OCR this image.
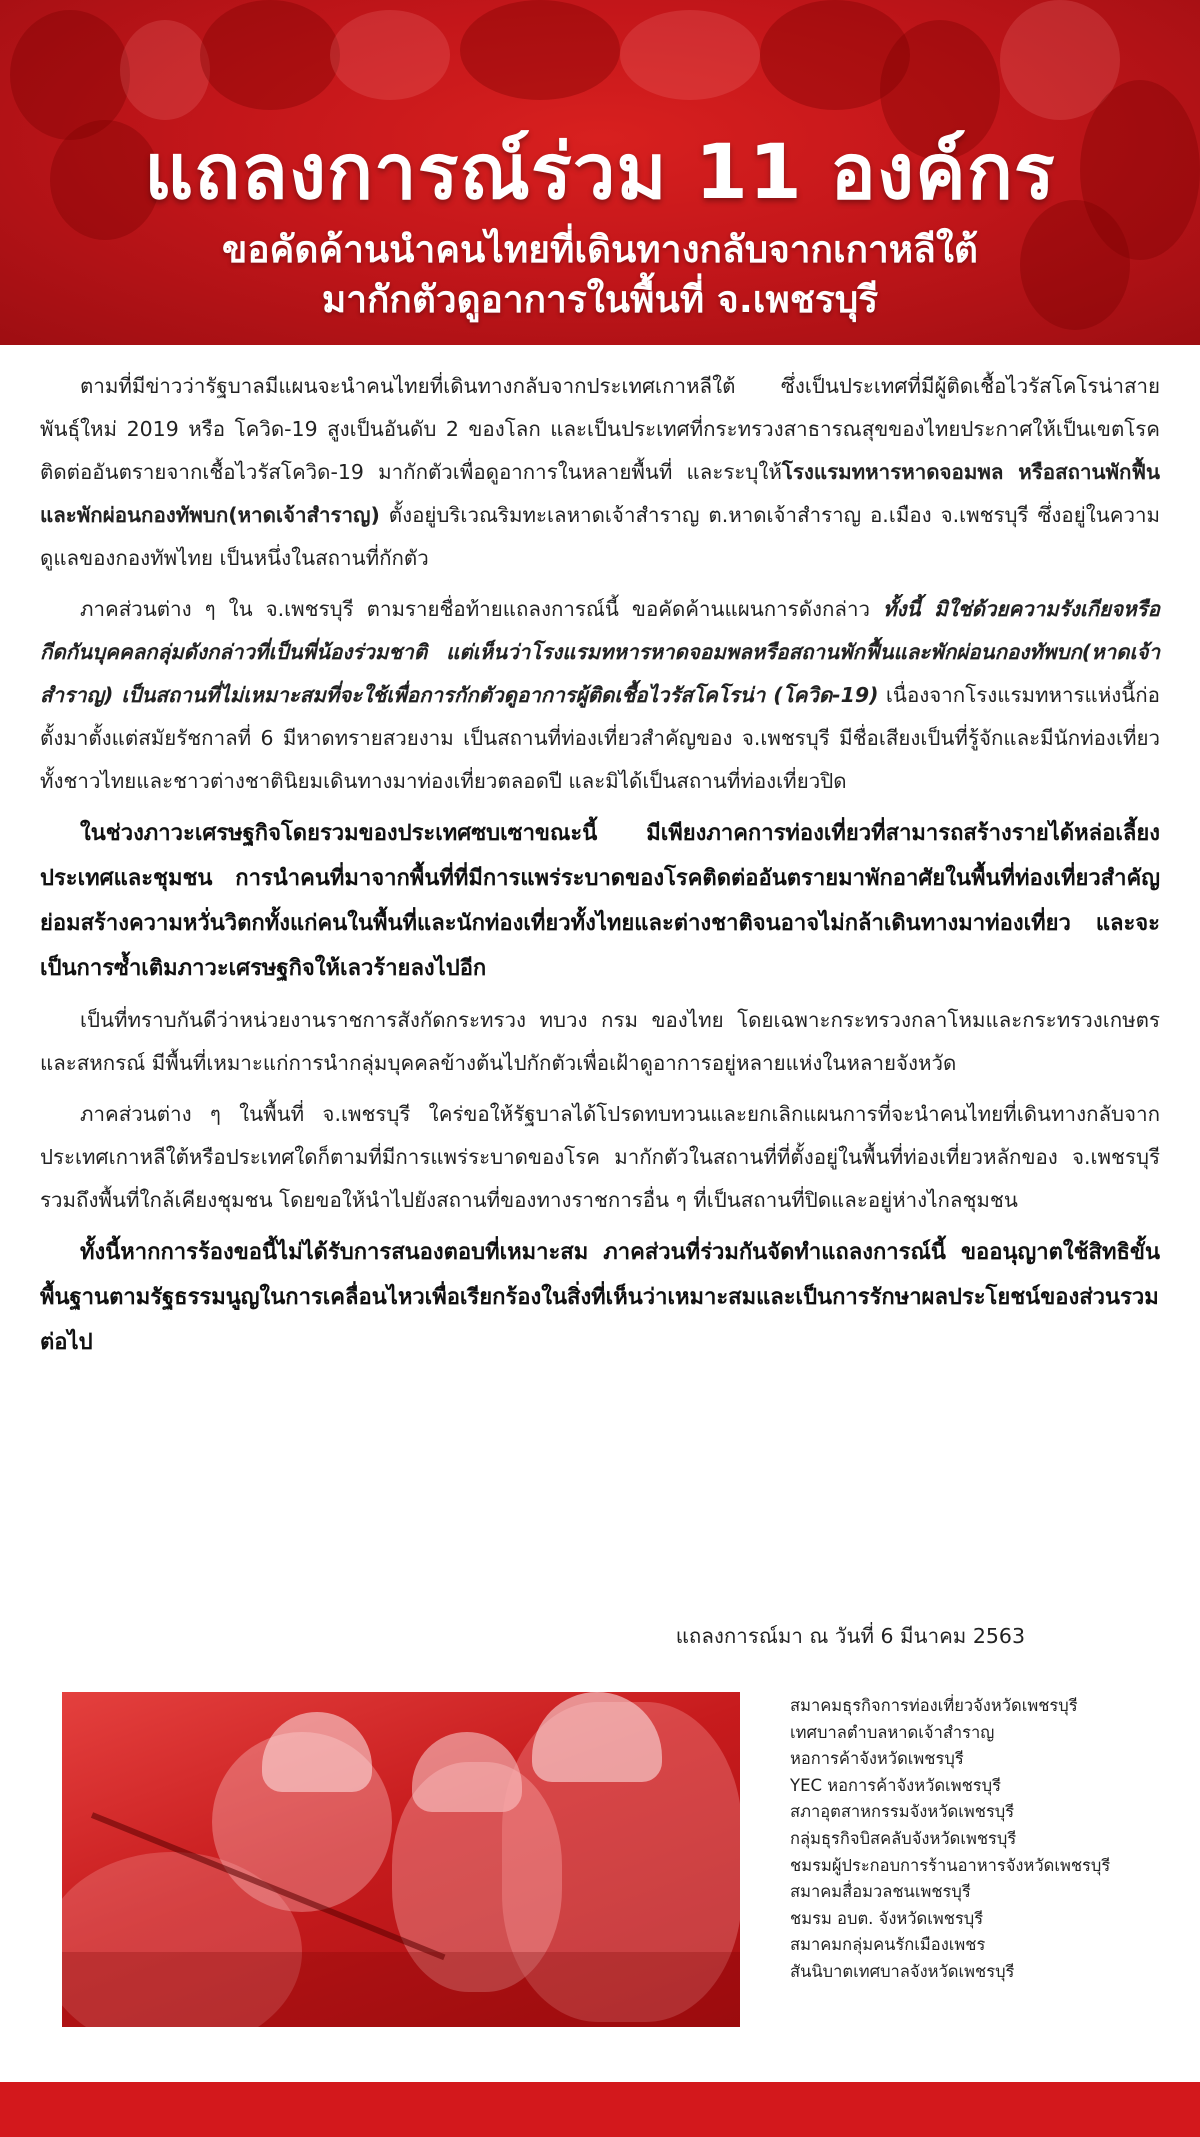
แถลงการณ์ร่วม 11 องค์กร
ขอคัดค้านนำคนไทยที่เดินทางกลับจากเกาหลีใต้
มากักตัวดูอาการในพื้นที่ จ.เพชรบุรี

ตามที่มีข่าวว่ารัฐบาลมีแผนจะนำคนไทยที่เดินทางกลับจากประเทศเกาหลีใต้ ซึ่งเป็นประเทศที่มีผู้ติดเชื้อไวรัสโคโรน่าสายพันธุ์ใหม่ 2019 หรือ โควิด-19 สูงเป็นอันดับ 2 ของโลก และเป็นประเทศที่กระทรวงสาธารณสุขของไทยประกาศให้เป็นเขตโรคติดต่ออันตรายจากเชื้อไวรัสโควิด-19 มากักตัวเพื่อดูอาการในหลายพื้นที่ และระบุให้โรงแรมทหารหาดจอมพล หรือสถานพักฟื้นและพักผ่อนกองทัพบก(หาดเจ้าสำราญ) ตั้งอยู่บริเวณริมทะเลหาดเจ้าสำราญ ต.หาดเจ้าสำราญ อ.เมือง จ.เพชรบุรี ซึ่งอยู่ในความดูแลของกองทัพไทย เป็นหนึ่งในสถานที่กักตัว

ภาคส่วนต่าง ๆ ใน จ.เพชรบุรี ตามรายชื่อท้ายแถลงการณ์นี้ ขอคัดค้านแผนการดังกล่าว ทั้งนี้ มิใช่ด้วยความรังเกียจหรือกีดกันบุคคลกลุ่มดังกล่าวที่เป็นพี่น้องร่วมชาติ แต่เห็นว่าโรงแรมทหารหาดจอมพลหรือสถานพักฟื้นและพักผ่อนกองทัพบก(หาดเจ้าสำราญ) เป็นสถานที่ไม่เหมาะสมที่จะใช้เพื่อการกักตัวดูอาการผู้ติดเชื้อไวรัสโคโรน่า (โควิด-19) เนื่องจากโรงแรมทหารแห่งนี้ก่อตั้งมาตั้งแต่สมัยรัชกาลที่ 6 มีหาดทรายสวยงาม เป็นสถานที่ท่องเที่ยวสำคัญของ จ.เพชรบุรี มีชื่อเสียงเป็นที่รู้จักและมีนักท่องเที่ยวทั้งชาวไทยและชาวต่างชาตินิยมเดินทางมาท่องเที่ยวตลอดปี และมิได้เป็นสถานที่ท่องเที่ยวปิด

ในช่วงภาวะเศรษฐกิจโดยรวมของประเทศซบเซาขณะนี้ มีเพียงภาคการท่องเที่ยวที่สามารถสร้างรายได้หล่อเลี้ยงประเทศและชุมชน การนำคนที่มาจากพื้นที่ที่มีการแพร่ระบาดของโรคติดต่ออันตรายมาพักอาศัยในพื้นที่ท่องเที่ยวสำคัญ ย่อมสร้างความหวั่นวิตกทั้งแก่คนในพื้นที่และนักท่องเที่ยวทั้งไทยและต่างชาติจนอาจไม่กล้าเดินทางมาท่องเที่ยว และจะเป็นการซ้ำเติมภาวะเศรษฐกิจให้เลวร้ายลงไปอีก

เป็นที่ทราบกันดีว่าหน่วยงานราชการสังกัดกระทรวง ทบวง กรม ของไทย โดยเฉพาะกระทรวงกลาโหมและกระทรวงเกษตรและสหกรณ์ มีพื้นที่เหมาะแก่การนำกลุ่มบุคคลข้างต้นไปกักตัวเพื่อเฝ้าดูอาการอยู่หลายแห่งในหลายจังหวัด

ภาคส่วนต่าง ๆ ในพื้นที่ จ.เพชรบุรี ใคร่ขอให้รัฐบาลได้โปรดทบทวนและยกเลิกแผนการที่จะนำคนไทยที่เดินทางกลับจากประเทศเกาหลีใต้หรือประเทศใดก็ตามที่มีการแพร่ระบาดของโรค มากักตัวในสถานที่ที่ตั้งอยู่ในพื้นที่ท่องเที่ยวหลักของ จ.เพชรบุรี รวมถึงพื้นที่ใกล้เคียงชุมชน โดยขอให้นำไปยังสถานที่ของทางราชการอื่น ๆ ที่เป็นสถานที่ปิดและอยู่ห่างไกลชุมชน

ทั้งนี้หากการร้องขอนี้ไม่ได้รับการสนองตอบที่เหมาะสม ภาคส่วนที่ร่วมกันจัดทำแถลงการณ์นี้ ขออนุญาตใช้สิทธิขั้นพื้นฐานตามรัฐธรรมนูญในการเคลื่อนไหวเพื่อเรียกร้องในสิ่งที่เห็นว่าเหมาะสมและเป็นการรักษาผลประโยชน์ของส่วนรวมต่อไป

แถลงการณ์มา ณ วันที่ 6 มีนาคม 2563
สมาคมธุรกิจการท่องเที่ยวจังหวัดเพชรบุรี
เทศบาลตำบลหาดเจ้าสำราญ
หอการค้าจังหวัดเพชรบุรี
YEC หอการค้าจังหวัดเพชรบุรี
สภาอุตสาหกรรมจังหวัดเพชรบุรี
กลุ่มธุรกิจบิสคลับจังหวัดเพชรบุรี
ชมรมผู้ประกอบการร้านอาหารจังหวัดเพชรบุรี
สมาคมสื่อมวลชนเพชรบุรี
ชมรม อบต. จังหวัดเพชรบุรี
สมาคมกลุ่มคนรักเมืองเพชร
สันนิบาตเทศบาลจังหวัดเพชรบุรี
